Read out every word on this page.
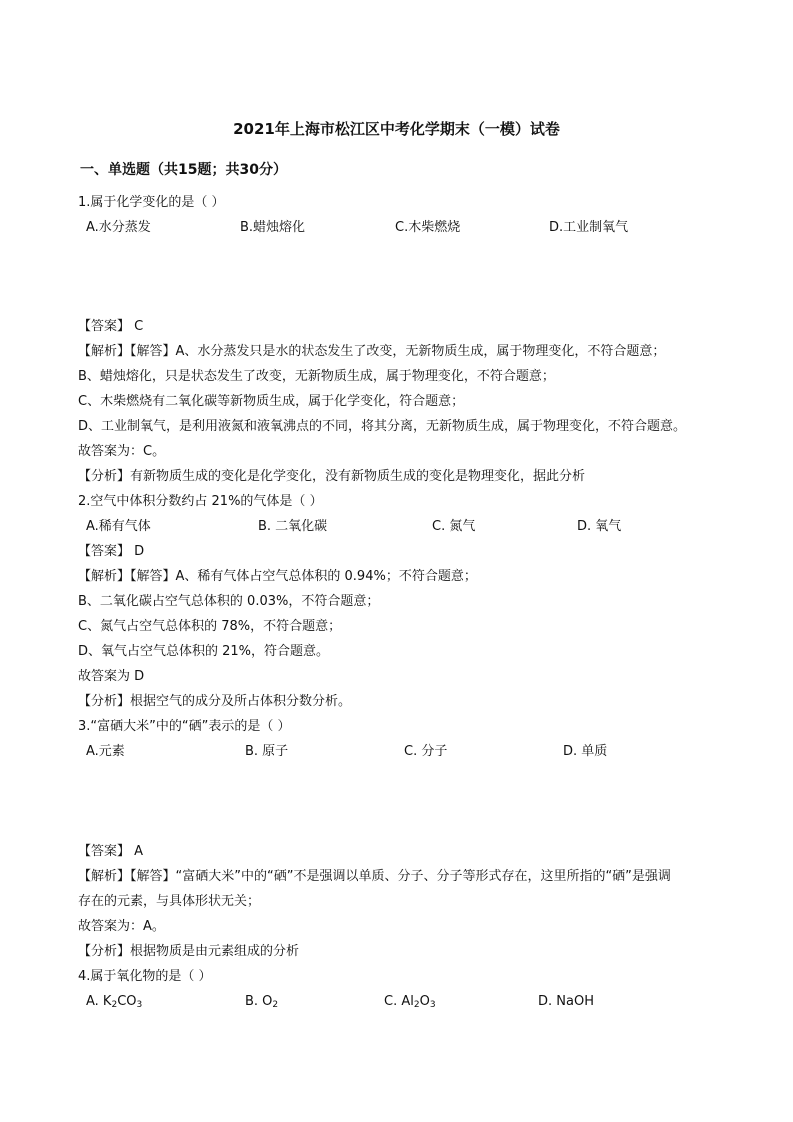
2021年上海市松江区中考化学期末（一模）试卷
一、单选题（共15题；共30分）
1.属于化学变化的是（ ）
A.水分蒸发	B.蜡烛熔化	C.木柴燃烧	D.工业制氧气
【答案】 C
【解析】【解答】A、水分蒸发只是水的状态发生了改变，无新物质生成，属于物理变化，不符合题意；
B、蜡烛熔化，只是状态发生了改变，无新物质生成，属于物理变化，不符合题意；
C、木柴燃烧有二氧化碳等新物质生成，属于化学变化，符合题意；
D、工业制氧气，是利用液氮和液氧沸点的不同，将其分离，无新物质生成，属于物理变化，不符合题意。
故答案为：C。
【分析】有新物质生成的变化是化学变化，没有新物质生成的变化是物理变化，据此分析
2.空气中体积分数约占 21%的气体是（ ）
A.稀有气体	B. 二氧化碳	C. 氮气	D. 氧气
【答案】 D
【解析】【解答】A、稀有气体占空气总体积的 0.94%；不符合题意；
B、二氧化碳占空气总体积的 0.03%，不符合题意；
C、氮气占空气总体积的 78%，不符合题意；
D、氧气占空气总体积的 21%，符合题意。
故答案为 D
【分析】根据空气的成分及所占体积分数分析。
3.“富硒大米”中的“硒”表示的是（ ）
A.元素	B. 原子	C. 分子	D. 单质
【答案】 A
【解析】【解答】“富硒大米”中的“硒”不是强调以单质、分子、分子等形式存在，这里所指的“硒”是强调
存在的元素，与具体形状无关；
故答案为：A。
【分析】根据物质是由元素组成的分析
4.属于氧化物的是（ ）
A. $K_2CO_3$	B. $O_2$	C. $Al_2O_3$	D. NaOH
